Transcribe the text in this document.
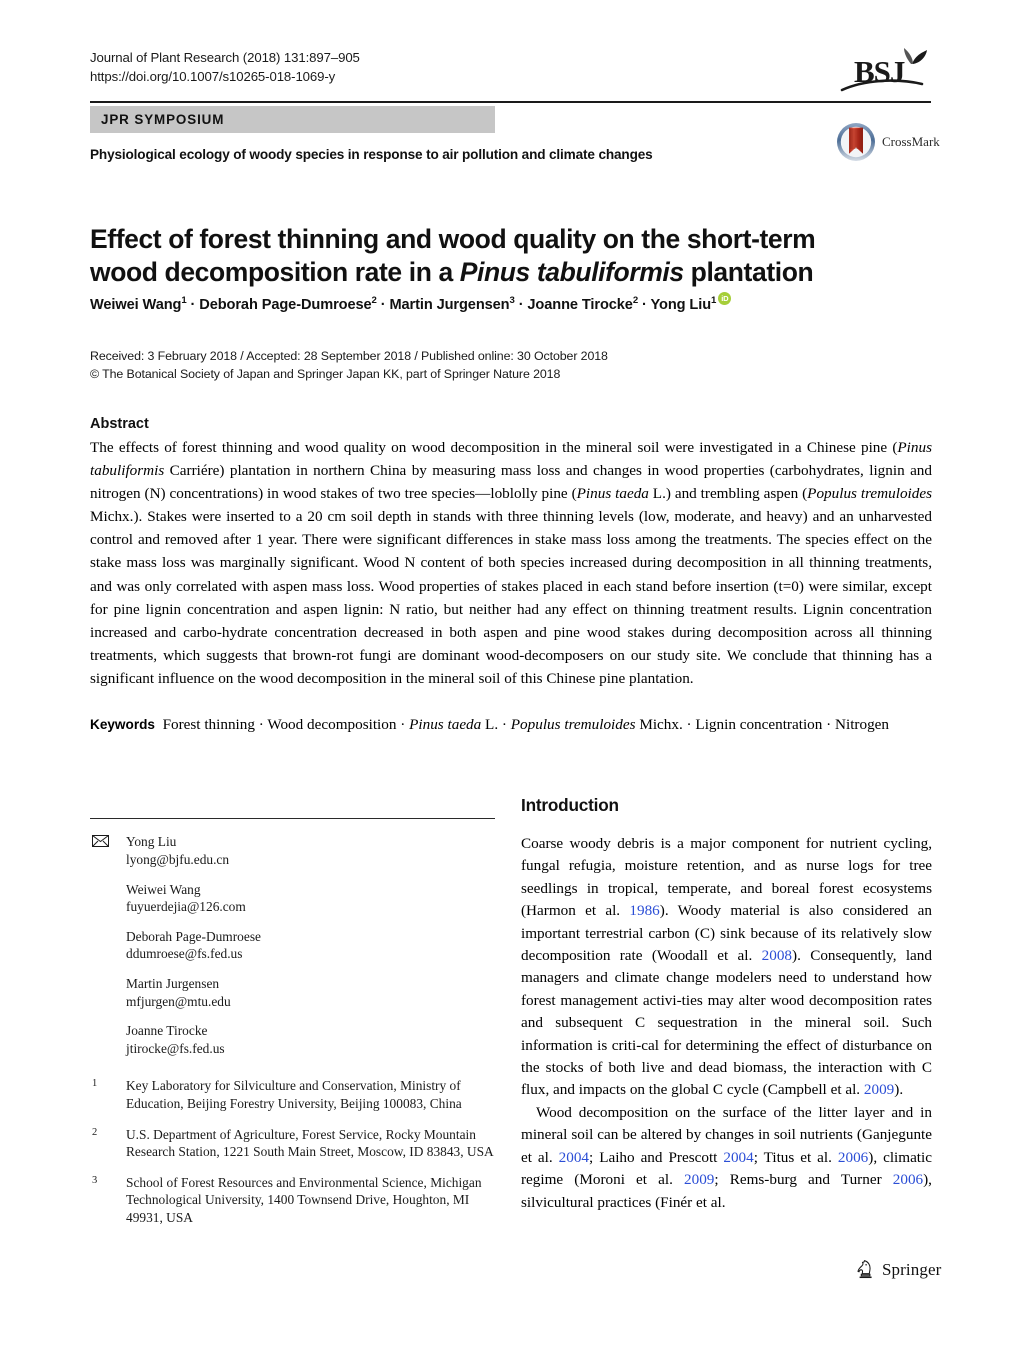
Journal of Plant Research (2018) 131:897–905
https://doi.org/10.1007/s10265-018-1069-y	BSJ
JPR SYMPOSIUM
Physiological ecology of woody species in response to air pollution and climate changes
CrossMark
Effect of forest thinning and wood quality on the short-term wood decomposition rate in a Pinus tabuliformis plantation
Weiwei Wang$^1$ · Deborah Page-Dumroese$^2$ · Martin Jurgensen$^3$ · Joanne Tirocke$^2$ · Yong Liu$^1$iD
Received: 3 February 2018 / Accepted: 28 September 2018 / Published online: 30 October 2018
© The Botanical Society of Japan and Springer Japan KK, part of Springer Nature 2018
Abstract
The effects of forest thinning and wood quality on wood decomposition in the mineral soil were investigated in a Chinese pine (Pinus tabuliformis Carriére) plantation in northern China by measuring mass loss and changes in wood properties (carbohydrates, lignin and nitrogen (N) concentrations) in wood stakes of two tree species—loblolly pine (Pinus taeda L.) and trembling aspen (Populus tremuloides Michx.). Stakes were inserted to a 20 cm soil depth in stands with three thinning levels (low, moderate, and heavy) and an unharvested control and removed after 1 year. There were significant differences in stake mass loss among the treatments. The species effect on the stake mass loss was marginally significant. Wood N content of both species increased during decomposition in all thinning treatments, and was only correlated with aspen mass loss. Wood properties of stakes placed in each stand before insertion (t=0) were similar, except for pine lignin concentration and aspen lignin: N ratio, but neither had any effect on thinning treatment results. Lignin concentration increased and carbo-hydrate concentration decreased in both aspen and pine wood stakes during decomposition across all thinning treatments, which suggests that brown-rot fungi are dominant wood-decomposers on our study site. We conclude that thinning has a significant influence on the wood decomposition in the mineral soil of this Chinese pine plantation.
Keywords Forest thinning · Wood decomposition · Pinus taeda L. · Populus tremuloides Michx. · Lignin concentration · Nitrogen
Yong Liu
lyong@bjfu.edu.cn
Weiwei Wang
fuyuerdejia@126.com
Deborah Page-Dumroese
ddumroese@fs.fed.us
Martin Jurgensen
mfjurgen@mtu.edu
Joanne Tirocke
jtirocke@fs.fed.us
1 Key Laboratory for Silviculture and Conservation, Ministry of Education, Beijing Forestry University, Beijing 100083, China
2 U.S. Department of Agriculture, Forest Service, Rocky Mountain Research Station, 1221 South Main Street, Moscow, ID 83843, USA
3 School of Forest Resources and Environmental Science, Michigan Technological University, 1400 Townsend Drive, Houghton, MI 49931, USA
Introduction

Coarse woody debris is a major component for nutrient cycling, fungal refugia, moisture retention, and as nurse logs for tree seedlings in tropical, temperate, and boreal forest ecosystems (Harmon et al. 1986). Woody material is also considered an important terrestrial carbon (C) sink because of its relatively slow decomposition rate (Woodall et al. 2008). Consequently, land managers and climate change modelers need to understand how forest management activi‑ties may alter wood decomposition rates and subsequent C sequestration in the mineral soil. Such information is criti‑cal for determining the effect of disturbance on the stocks of both live and dead biomass, the interaction with C flux, and impacts on the global C cycle (Campbell et al. 2009).

Wood decomposition on the surface of the litter layer and in mineral soil can be altered by changes in soil nutrients (Ganjegunte et al. 2004; Laiho and Prescott 2004; Titus et al. 2006), climatic regime (Moroni et al. 2009; Rems‑burg and Turner 2006), silvicultural practices (Finér et al.

Springer
